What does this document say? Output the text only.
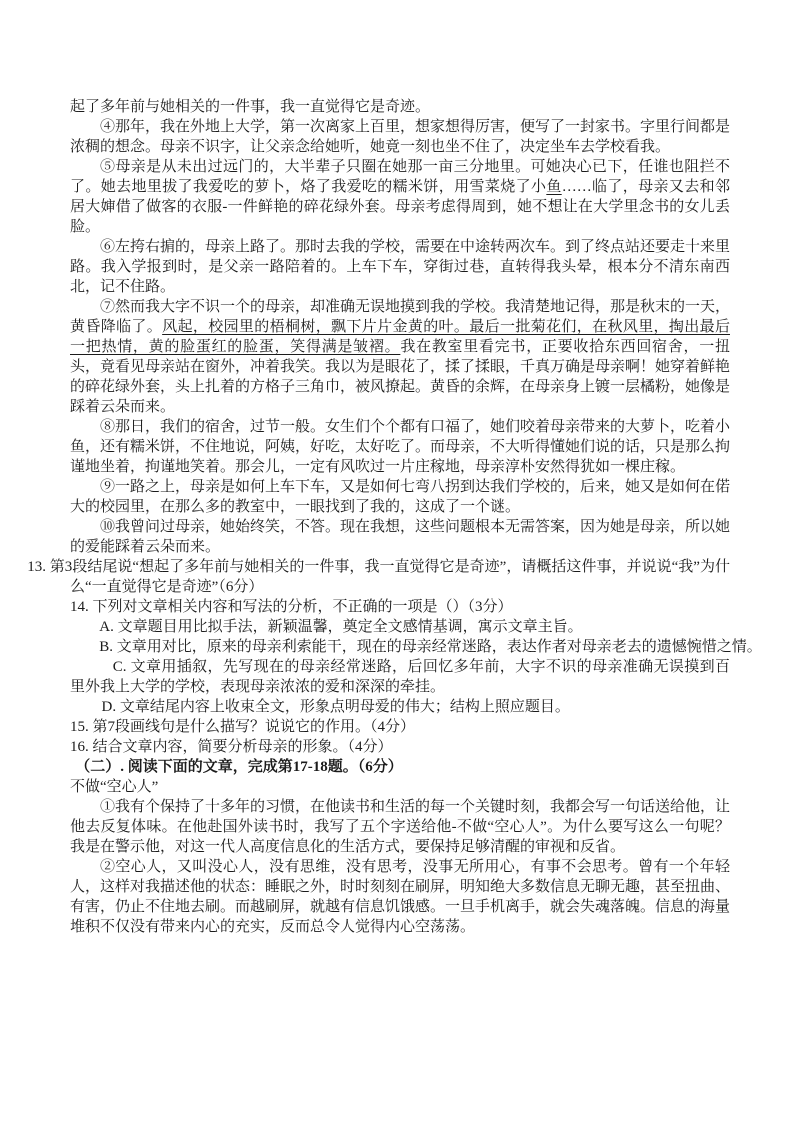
起了多年前与她相关的一件事，我一直觉得它是奇迹。

④那年，我在外地上大学，第一次离家上百里，想家想得厉害，便写了一封家书。字里行间都是浓稠的想念。母亲不识字，让父亲念给她听，她竟一刻也坐不住了，决定坐车去学校看我。

⑤母亲是从未出过远门的，大半辈子只圈在她那一亩三分地里。可她决心已下，任谁也阻拦不了。她去地里拔了我爱吃的萝卜，烙了我爱吃的糯米饼，用雪菜烧了小鱼……临了，母亲又去和邻居大婶借了做客的衣服-一件鲜艳的碎花绿外套。母亲考虑得周到，她不想让在大学里念书的女儿丢脸。

⑥左挎右掮的，母亲上路了。那时去我的学校，需要在中途转两次车。到了终点站还要走十来里路。我入学报到时，是父亲一路陪着的。上车下车，穿街过巷，直转得我头晕，根本分不清东南西北，记不住路。

⑦然而我大字不识一个的母亲，却准确无误地摸到我的学校。我清楚地记得，那是秋末的一天，黄昏降临了。风起，校园里的梧桐树，飘下片片金黄的叶。最后一批菊花们，在秋风里，掏出最后一把热情，黄的脸蛋红的脸蛋，笑得满是皱褶。我在教室里看完书，正要收拾东西回宿舍，一扭头，竟看见母亲站在窗外，冲着我笑。我以为是眼花了，揉了揉眼，千真万确是母亲啊！她穿着鲜艳的碎花绿外套，头上扎着的方格子三角巾，被风撩起。黄昏的余辉，在母亲身上镀一层橘粉，她像是踩着云朵而来。

⑧那日，我们的宿舍，过节一般。女生们个个都有口福了，她们咬着母亲带来的大萝卜，吃着小鱼，还有糯米饼，不住地说，阿姨，好吃，太好吃了。而母亲，不大听得懂她们说的话，只是那么拘谨地坐着，拘谨地笑着。那会儿，一定有风吹过一片庄稼地，母亲淳朴安然得犹如一棵庄稼。

⑨一路之上，母亲是如何上车下车，又是如何七弯八拐到达我们学校的，后来，她又是如何在偌大的校园里，在那么多的教室中，一眼找到了我的，这成了一个谜。

⑩我曾问过母亲，她始终笑，不答。现在我想，这些问题根本无需答案，因为她是母亲，所以她的爱能踩着云朵而来。

13. 第3段结尾说“想起了多年前与她相关的一件事，我一直觉得它是奇迹”，请概括这件事，并说说“我”为什么“一直觉得它是奇迹”（6分）

14. 下列对文章相关内容和写法的分析，不正确的一项是（）（3分）

A. 文章题目用比拟手法，新颖温馨，奠定全文感情基调，寓示文章主旨。

B. 文章用对比，原来的母亲利索能干，现在的母亲经常迷路，表达作者对母亲老去的遗憾惋惜之情。

C. 文章用插叙，先写现在的母亲经常迷路，后回忆多年前，大字不识的母亲准确无误摸到百里外我上大学的学校，表现母亲浓浓的爱和深深的牵挂。

D. 文章结尾内容上收束全文，形象点明母爱的伟大；结构上照应题目。

15. 第7段画线句是什么描写？说说它的作用。（4分）

16. 结合文章内容，简要分析母亲的形象。（4分）

（二）. 阅读下面的文章，完成第17-18题。（6分）

不做“空心人”

①我有个保持了十多年的习惯，在他读书和生活的每一个关键时刻，我都会写一句话送给他，让他去反复体味。在他赴国外读书时，我写了五个字送给他-不做“空心人”。为什么要写这么一句呢？我是在警示他，对这一代人高度信息化的生活方式，要保持足够清醒的审视和反省。

②空心人，又叫没心人，没有思维，没有思考，没事无所用心，有事不会思考。曾有一个年轻人，这样对我描述他的状态：睡眠之外，时时刻刻在刷屏，明知绝大多数信息无聊无趣，甚至扭曲、有害，仍止不住地去刷。而越刷屏，就越有信息饥饿感。一旦手机离手，就会失魂落魄。信息的海量堆积不仅没有带来内心的充实，反而总令人觉得内心空荡荡。
